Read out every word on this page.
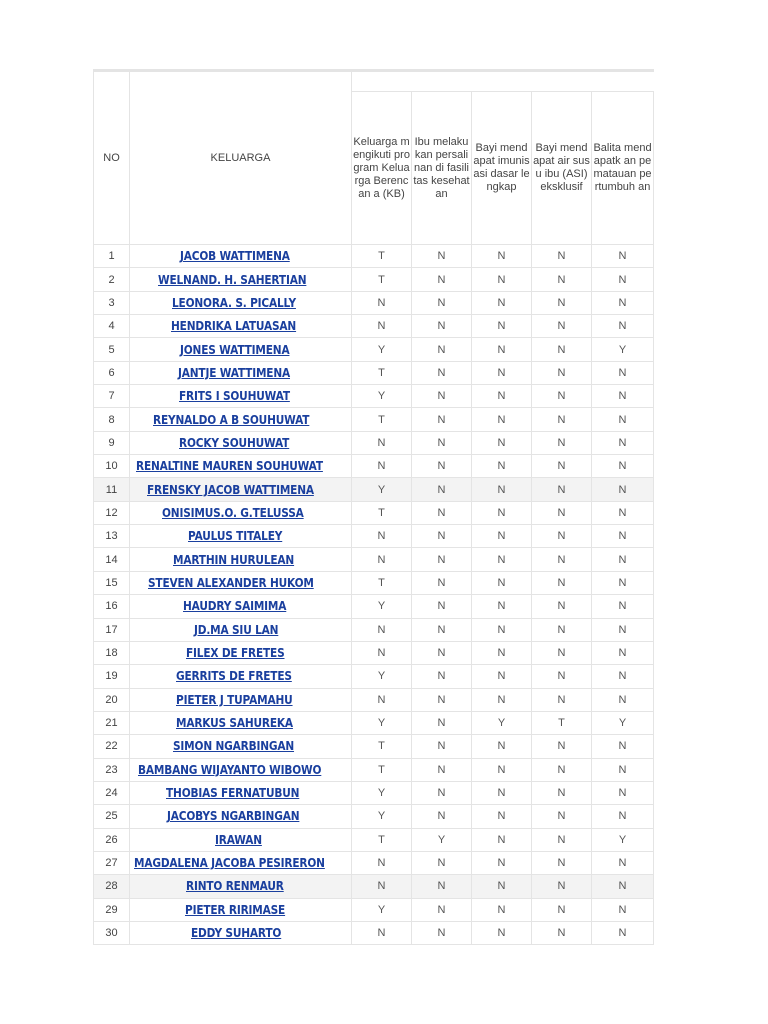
NO	KELUARGA					
		Keluarga mengikuti program Keluarga Berencan a (KB)	Ibu melakukan persalinan di fasilitas kesehatan	Bayi mendapat imunisasi dasar lengkap	Bayi mendapat air susu ibu (ASI) eksklusif	Balita mendapatk an pematauan pertumbuh an
1	JACOB WATTIMENA	T	N	N	N	N
2	WELNAND. H. SAHERTIAN	T	N	N	N	N
3	LEONORA. S. PICALLY	N	N	N	N	N
4	HENDRIKA LATUASAN	N	N	N	N	N
5	JONES WATTIMENA	Y	N	N	N	Y
6	JANTJE WATTIMENA	T	N	N	N	N
7	FRITS I SOUHUWAT	Y	N	N	N	N
8	REYNALDO A B SOUHUWAT	T	N	N	N	N
9	ROCKY SOUHUWAT	N	N	N	N	N
10	RENALTINE MAUREN SOUHUWAT	N	N	N	N	N
11	FRENSKY JACOB WATTIMENA	Y	N	N	N	N
12	ONISIMUS.O. G.TELUSSA	T	N	N	N	N
13	PAULUS TITALEY	N	N	N	N	N
14	MARTHIN HURULEAN	N	N	N	N	N
15	STEVEN ALEXANDER HUKOM	T	N	N	N	N
16	HAUDRY SAIMIMA	Y	N	N	N	N
17	JD.MA SIU LAN	N	N	N	N	N
18	FILEX DE FRETES	N	N	N	N	N
19	GERRITS DE FRETES	Y	N	N	N	N
20	PIETER J TUPAMAHU	N	N	N	N	N
21	MARKUS SAHUREKA	Y	N	Y	T	Y
22	SIMON NGARBINGAN	T	N	N	N	N
23	BAMBANG WIJAYANTO WIBOWO	T	N	N	N	N
24	THOBIAS FERNATUBUN	Y	N	N	N	N
25	JACOBYS NGARBINGAN	Y	N	N	N	N
26	IRAWAN	T	Y	N	N	Y
27	MAGDALENA JACOBA PESIRERON	N	N	N	N	N
28	RINTO RENMAUR	N	N	N	N	N
29	PIETER RIRIMASE	Y	N	N	N	N
30	EDDY SUHARTO	N	N	N	N	N
